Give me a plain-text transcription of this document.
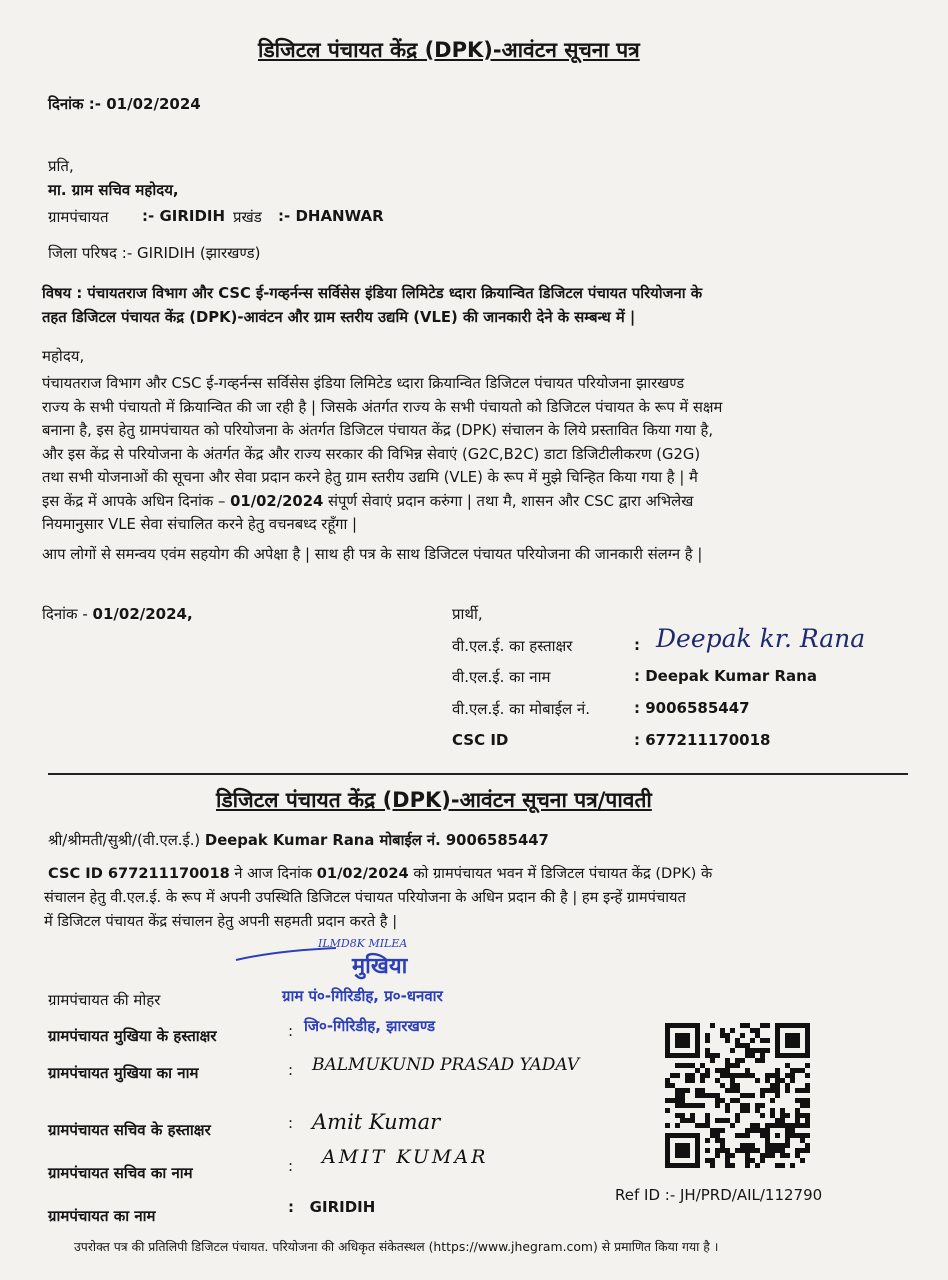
डिजिटल पंचायत केंद्र (DPK)-आवंटन सूचना पत्र
दिनांक :- 01/02/2024
प्रति,
मा. ग्राम सचिव महोदय,
ग्रामपंचायत :- GIRIDIH प्रखंड :- DHANWAR
जिला परिषद :- GIRIDIH (झारखण्ड)

विषय : पंचायतराज विभाग और CSC ई-गव्हर्नन्स सर्विसेस इंडिया लिमिटेड ध्दारा क्रियान्वित डिजिटल पंचायत परियोजना के

तहत डिजिटल पंचायत केंद्र (DPK)-आवंटन और ग्राम स्तरीय उद्यमि (VLE) की जानकारी देने के सम्बन्ध में |

महोदय,

पंचायतराज विभाग और CSC ई-गव्हर्नन्स सर्विसेस इंडिया लिमिटेड ध्दारा क्रियान्वित डिजिटल पंचायत परियोजना झारखण्ड

राज्य के सभी पंचायतो में क्रियान्वित की जा रही है | जिसके अंतर्गत राज्य के सभी पंचायतो को डिजिटल पंचायत के रूप में सक्षम

बनाना है, इस हेतु ग्रामपंचायत को परियोजना के अंतर्गत डिजिटल पंचायत केंद्र (DPK) संचालन के लिये प्रस्तावित किया गया है,

और इस केंद्र से परियोजना के अंतर्गत केंद्र और राज्य सरकार की विभिन्न सेवाएं (G2C,B2C) डाटा डिजिटीलीकरण (G2G)

तथा सभी योजनाओं की सूचना और सेवा प्रदान करने हेतु ग्राम स्तरीय उद्यमि (VLE) के रूप में मुझे चिन्हित किया गया है | मै

इस केंद्र में आपके अधिन दिनांक – 01/02/2024 संपूर्ण सेवाएं प्रदान करुंगा | तथा मै, शासन और CSC द्वारा अभिलेख

नियमानुसार VLE सेवा संचालित करने हेतु वचनबध्द रहूँगा |

आप लोगों से समन्वय एवंम सहयोग की अपेक्षा है | साथ ही पत्र के साथ डिजिटल पंचायत परियोजना की जानकारी संलग्न है |

दिनांक - 01/02/2024,	प्रार्थी,
वी.एल.ई. का हस्ताक्षर	: Deepak kr. Rana
वी.एल.ई. का नाम	: Deepak Kumar Rana
वी.एल.ई. का मोबाईल नं.	: 9006585447
CSC ID	: 677211170018
डिजिटल पंचायत केंद्र (DPK)-आवंटन सूचना पत्र/पावती
श्री/श्रीमती/सुश्री/(वी.एल.ई.) Deepak Kumar Rana मोबाईल नं. 9006585447
CSC ID 677211170018 ने आज दिनांक 01/02/2024 को ग्रामपंचायत भवन में डिजिटल पंचायत केंद्र (DPK) के
संचालन हेतु वी.एल.ई. के रूप में अपनी उपस्थिति डिजिटल पंचायत परियोजना के अधिन प्रदान की है | हम इन्हें ग्रामपंचायत
में डिजिटल पंचायत केंद्र संचालन हेतु अपनी सहमती प्रदान करते है |
ILMD8K MILEA
मुखिया
ग्रामपंचायत की मोहर	ग्राम पं०-गिरिडीह, प्र०-धनवार
ग्रामपंचायत मुखिया के हस्ताक्षर	: जि०-गिरिडीह, झारखण्ड
ग्रामपंचायत मुखिया का नाम	: BALMUKUND PRASAD YADAV
ग्रामपंचायत सचिव के हस्ताक्षर	: Amit Kumar
ग्रामपंचायत सचिव का नाम	: AMIT KUMAR
ग्रामपंचायत का नाम	: GIRIDIH
Ref ID :- JH/PRD/AIL/112790
उपरोक्त पत्र की प्रतिलिपी डिजिटल पंचायत. परियोजना की अधिकृत संकेतस्थल (https://www.jhegram.com) से प्रमाणित किया गया है ।
